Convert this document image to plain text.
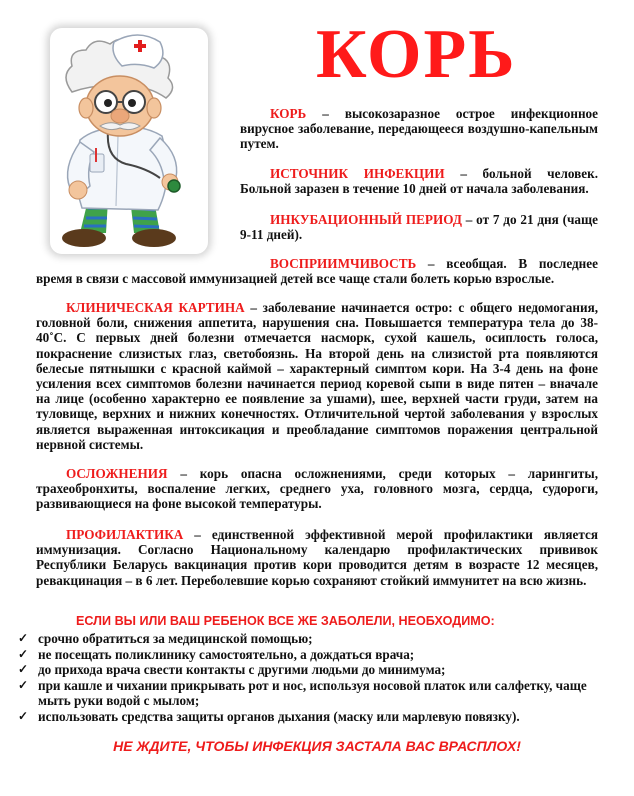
КОРЬ

КОРЬ – высокозаразное острое инфекционное вирусное заболевание, передающееся воздушно-капельным путем.

ИСТОЧНИК ИНФЕКЦИИ – больной человек. Больной заразен в течение 10 дней от начала заболевания.

ИНКУБАЦИОННЫЙ ПЕРИОД – от 7 до 21 дня (чаще 9-11 дней).

ВОСПРИИМЧИВОСТЬ – всеобщая. В последнее время в связи с массовой иммунизацией детей все чаще стали болеть корью взрослые.

КЛИНИЧЕСКАЯ КАРТИНА – заболевание начинается остро: с общего недомогания, головной боли, снижения аппетита, нарушения сна. Повышается температура тела до 38-40˚С. С первых дней болезни отмечается насморк, сухой кашель, осиплость голоса, покраснение слизистых глаз, светобоязнь. На второй день на слизистой рта появляются белесые пятнышки с красной каймой – характерный симптом кори. На 3-4 день на фоне усиления всех симптомов болезни начинается период коревой сыпи в виде пятен – вначале на лице (особенно характерно ее появление за ушами), шее, верхней части груди, затем на туловище, верхних и нижних конечностях. Отличительной чертой заболевания у взрослых является выраженная интоксикация и преобладание симптомов поражения центральной нервной системы.

ОСЛОЖНЕНИЯ – корь опасна осложнениями, среди которых – ларингиты, трахеобронхиты, воспаление легких, среднего уха, головного мозга, сердца, судороги, развивающиеся на фоне высокой температуры.

ПРОФИЛАКТИКА – единственной эффективной мерой профилактики является иммунизация. Согласно Национальному календарю профилактических прививок Республики Беларусь вакцинация против кори проводится детям в возрасте 12 месяцев, ревакцинация – в 6 лет. Переболевшие корью сохраняют стойкий иммунитет на всю жизнь.

ЕСЛИ ВЫ ИЛИ ВАШ РЕБЕНОК ВСЕ ЖЕ ЗАБОЛЕЛИ, НЕОБХОДИМО:
✓ срочно обратиться за медицинской помощью;
✓ не посещать поликлинику самостоятельно, а дождаться врача;
✓ до прихода врача свести контакты с другими людьми до минимума;
✓ при кашле и чихании прикрывать рот и нос, используя носовой платок или салфетку, чаще мыть руки водой с мылом;
✓ использовать средства защиты органов дыхания (маску или марлевую повязку).

НЕ ЖДИТЕ, ЧТОБЫ ИНФЕКЦИЯ ЗАСТАЛА ВАС ВРАСПЛОХ!
